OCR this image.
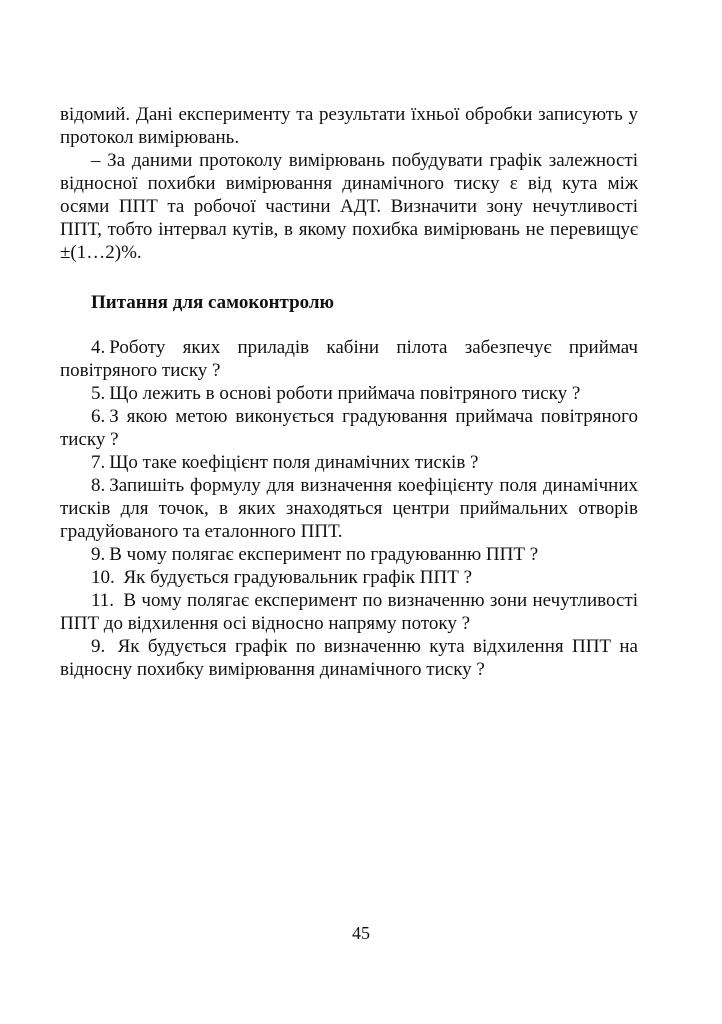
відомий. Дані експерименту та результати їхньої обробки записують у протокол вимірювань.

– За даними протоколу вимірювань побудувати графік залежності відносної похибки вимірювання динамічного тиску ε від кута між осями ППТ та робочої частини АДТ. Визначити зону нечутливості ППТ, тобто інтервал кутів, в якому похибка вимірювань не перевищує ±(1…2)%.

Питання для самоконтролю

4. Роботу яких приладів кабіни пілота забезпечує приймач повітряного тиску ?

5. Що лежить в основі роботи приймача повітряного тиску ?

6. З якою метою виконується градуювання приймача повітряного тиску ?

7. Що таке коефіцієнт поля динамічних тисків ?

8. Запишіть формулу для визначення коефіцієнту поля динамічних тисків для точок, в яких знаходяться центри приймальних отворів градуйованого та еталонного ППТ.

9. В чому полягає експеримент по градуюванню ППТ ?

10. Як будується градуювальник графік ППТ ?

11. В чому полягає експеримент по визначенню зони нечутливості ППТ до відхилення осі відносно напряму потоку ?

9. Як будується графік по визначенню кута відхилення ППТ на відносну похибку вимірювання динамічного тиску ?

45
